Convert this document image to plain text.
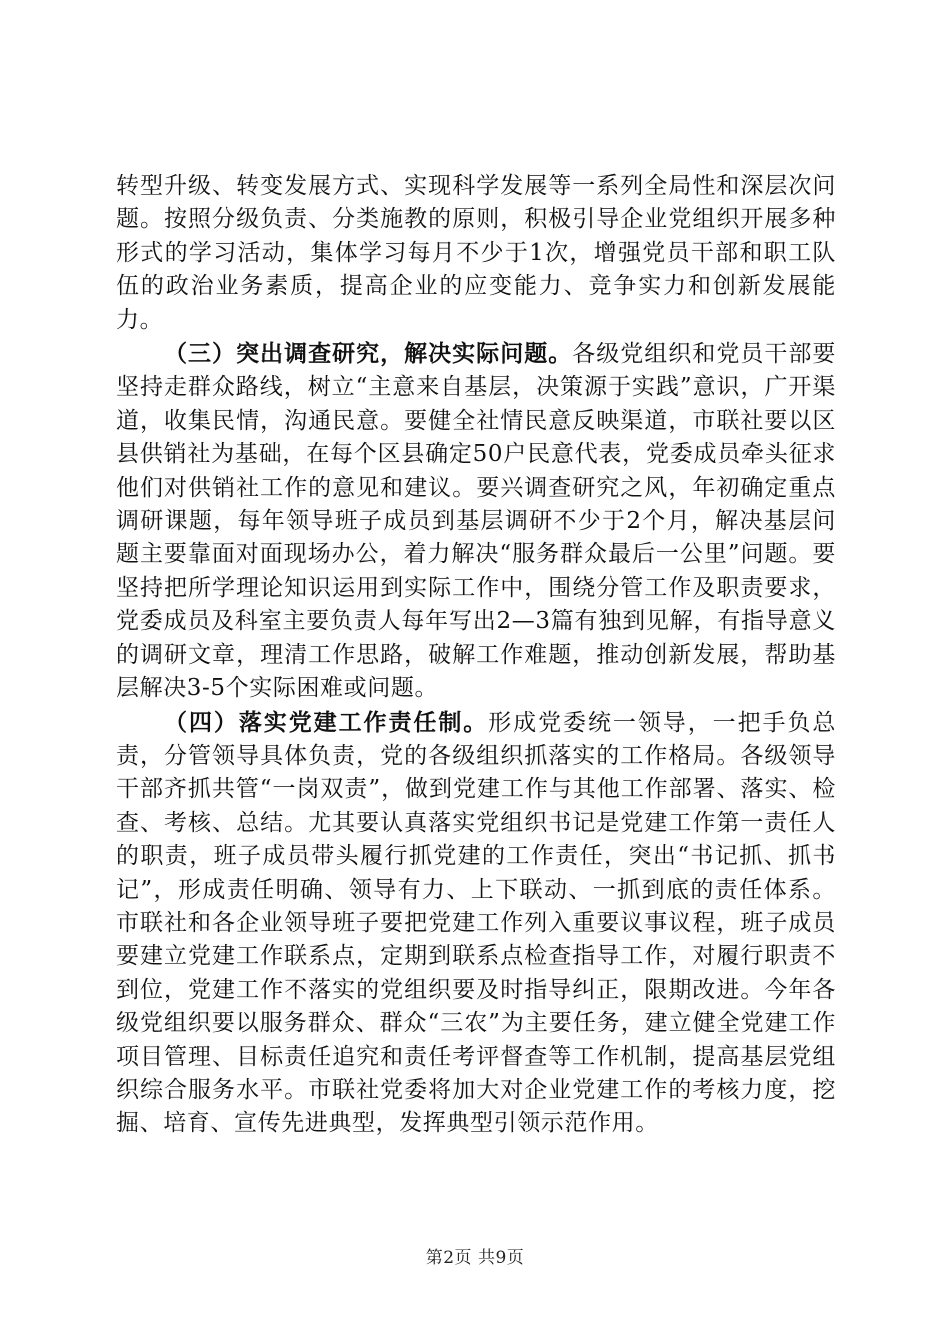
转型升级、转变发展方式、实现科学发展等一系列全局性和深层次问题。按照分级负责、分类施教的原则，积极引导企业党组织开展多种形式的学习活动，集体学习每月不少于1次，增强党员干部和职工队伍的政治业务素质，提高企业的应变能力、竞争实力和创新发展能力。

（三）突出调查研究，解决实际问题。各级党组织和党员干部要坚持走群众路线，树立“主意来自基层，决策源于实践”意识，广开渠道，收集民情，沟通民意。要健全社情民意反映渠道，市联社要以区县供销社为基础，在每个区县确定50户民意代表，党委成员牵头征求他们对供销社工作的意见和建议。要兴调查研究之风，年初确定重点调研课题，每年领导班子成员到基层调研不少于2个月，解决基层问题主要靠面对面现场办公，着力解决“服务群众最后一公里”问题。要坚持把所学理论知识运用到实际工作中，围绕分管工作及职责要求，党委成员及科室主要负责人每年写出2—3篇有独到见解，有指导意义的调研文章，理清工作思路，破解工作难题，推动创新发展，帮助基层解决3-5个实际困难或问题。

（四）落实党建工作责任制。形成党委统一领导，一把手负总责，分管领导具体负责，党的各级组织抓落实的工作格局。各级领导干部齐抓共管“一岗双责”，做到党建工作与其他工作部署、落实、检查、考核、总结。尤其要认真落实党组织书记是党建工作第一责任人的职责，班子成员带头履行抓党建的工作责任，突出“书记抓、抓书记”，形成责任明确、领导有力、上下联动、一抓到底的责任体系。市联社和各企业领导班子要把党建工作列入重要议事议程，班子成员要建立党建工作联系点，定期到联系点检查指导工作，对履行职责不到位，党建工作不落实的党组织要及时指导纠正，限期改进。今年各级党组织要以服务群众、群众“三农”为主要任务，建立健全党建工作项目管理、目标责任追究和责任考评督查等工作机制，提高基层党组织综合服务水平。市联社党委将加大对企业党建工作的考核力度，挖掘、培育、宣传先进典型，发挥典型引领示范作用。

第2页 共9页
